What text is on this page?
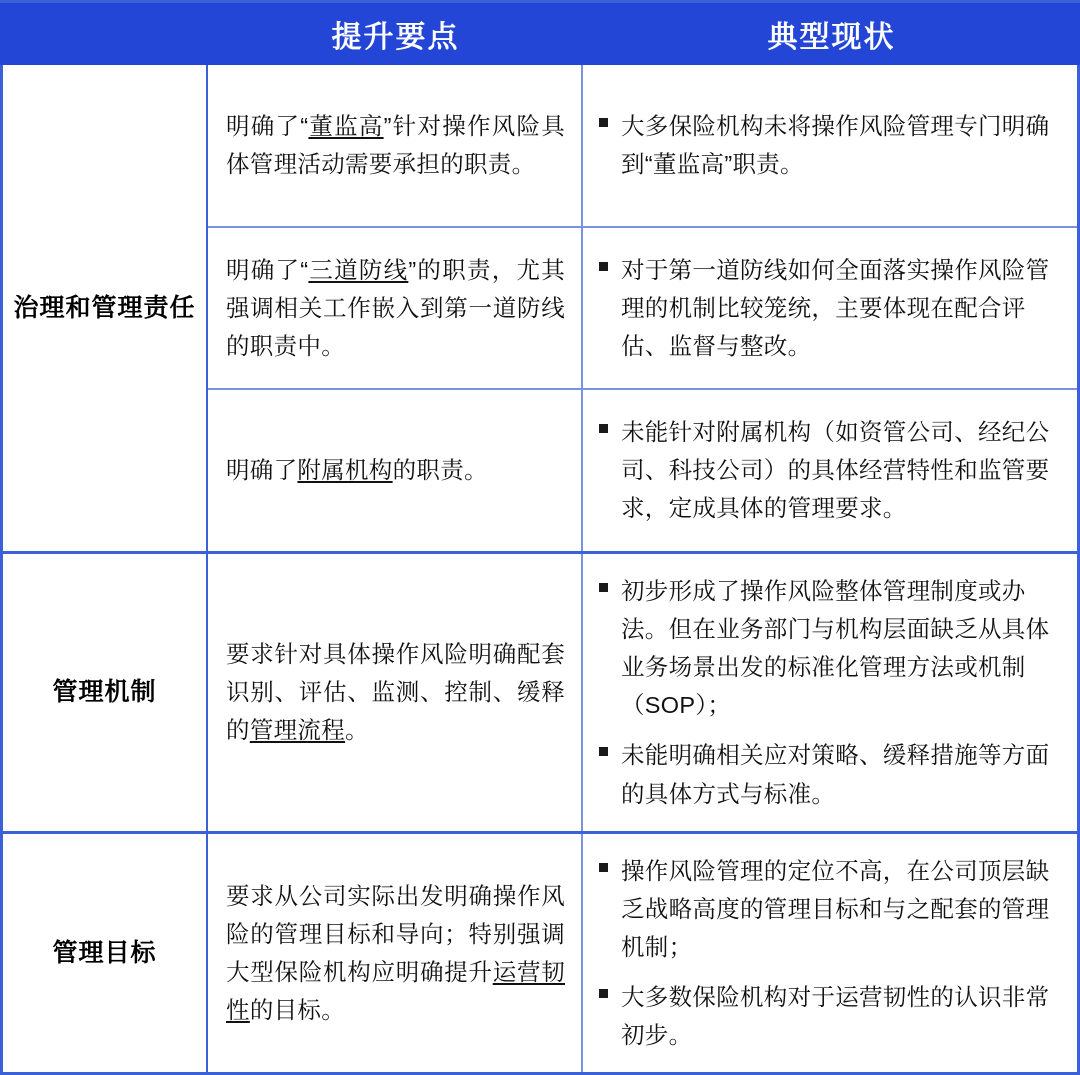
提升要点	典型现状
治理和管理责任
明确了“董监高”针对操作风险具体管理活动需要承担的职责。
大多保险机构未将操作风险管理专门明确到“董监高”职责。
明确了“三道防线”的职责，尤其强调相关工作嵌入到第一道防线的职责中。
对于第一道防线如何全面落实操作风险管理的机制比较笼统，主要体现在配合评估、监督与整改。
明确了附属机构的职责。
未能针对附属机构（如资管公司、经纪公司、科技公司）的具体经营特性和监管要求，定成具体的管理要求。
管理机制
要求针对具体操作风险明确配套识别、评估、监测、控制、缓释的管理流程。
初步形成了操作风险整体管理制度或办法。但在业务部门与机构层面缺乏从具体业务场景出发的标准化管理方法或机制（SOP）；
未能明确相关应对策略、缓释措施等方面的具体方式与标准。
管理目标
要求从公司实际出发明确操作风险的管理目标和导向；特别强调大型保险机构应明确提升运营韧性的目标。
操作风险管理的定位不高，在公司顶层缺乏战略高度的管理目标和与之配套的管理机制；
大多数保险机构对于运营韧性的认识非常初步。
